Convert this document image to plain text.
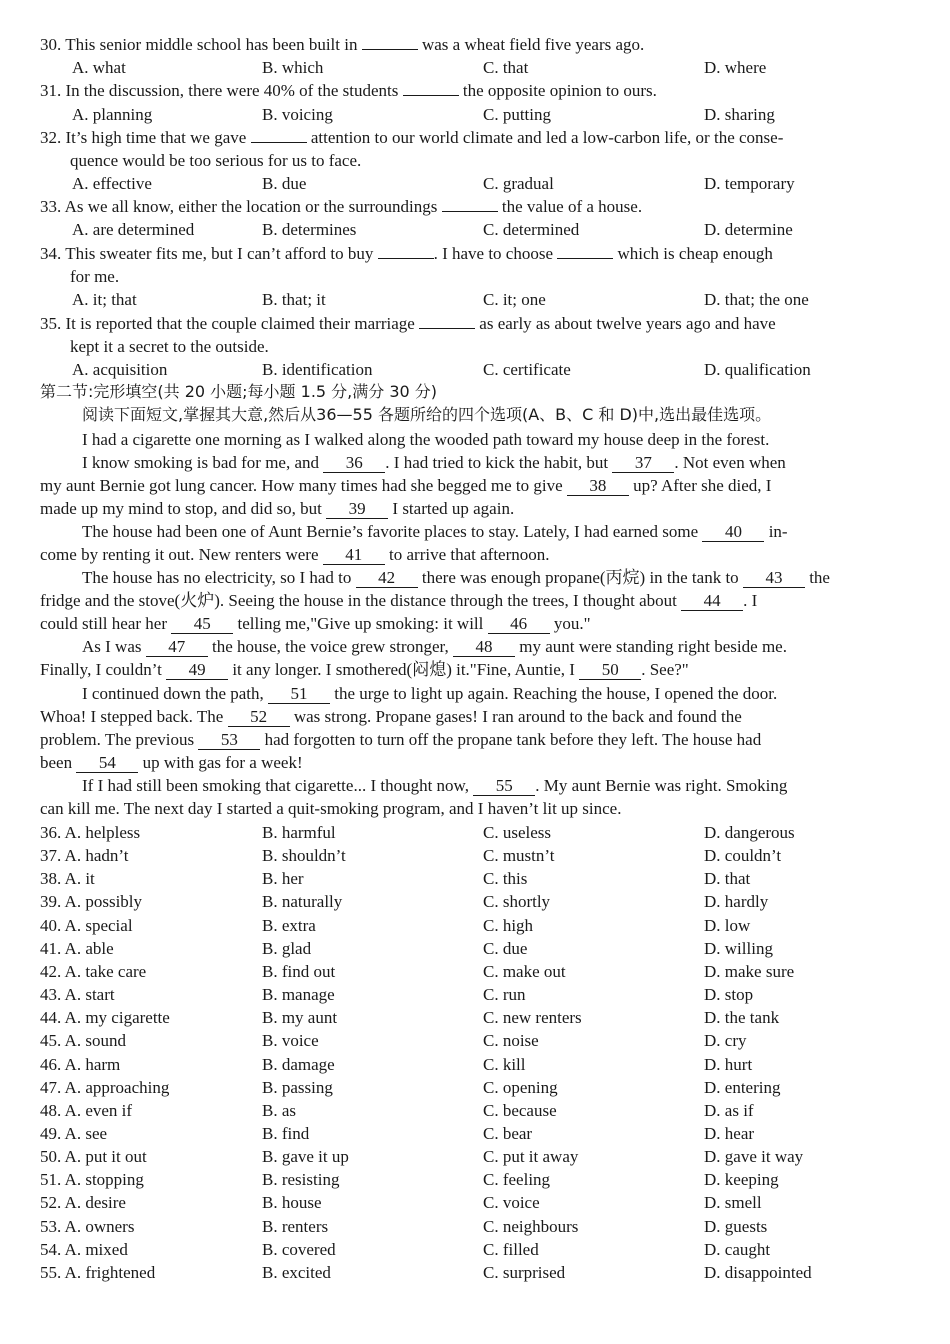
30. This senior middle school has been built in	was a wheat field five years ago.
A. what	B. which	C. that	D. where
31. In the discussion, there were 40% of the students	the opposite opinion to ours.
A. planning	B. voicing	C. putting	D. sharing
32. It’s high time that we gave	attention to our world climate and led a low-carbon life, or the conse-
quence would be too serious for us to face.
A. effective	B. due	C. gradual	D. temporary
33. As we all know, either the location or the surroundings	the value of a house.
A. are determined	B. determines	C. determined	D. determine
34. This sweater fits me, but I can’t afford to buy	. I have to choose	which is cheap enough
for me.
A. it; that	B. that; it	C. it; one	D. that; the one
35. It is reported that the couple claimed their marriage	as early as about twelve years ago and have
kept it a secret to the outside.
A. acquisition	B. identification	C. certificate	D. qualification
第二节:完形填空(共 20 小题;每小题 1.5 分,满分 30 分)
阅读下面短文,掌握其大意,然后从36—55 各题所给的四个选项(A、B、C 和 D)中,选出最佳选项。
I had a cigarette one morning as I walked along the wooded path toward my house deep in the forest.
I know smoking is bad for me, and 36 . I had tried to kick the habit, but 37 . Not even when
my aunt Bernie got lung cancer. How many times had she begged me to give 38 up? After she died, I
made up my mind to stop, and did so, but 39 I started up again.
The house had been one of Aunt Bernie’s favorite places to stay. Lately, I had earned some 40 in-
come by renting it out. New renters were 41 to arrive that afternoon.
The house has no electricity, so I had to 42 there was enough propane(丙烷) in the tank to 43 the
fridge and the stove(火炉). Seeing the house in the distance through the trees, I thought about 44 . I
could still hear her 45 telling me,"Give up smoking: it will 46 you."
As I was 47 the house, the voice grew stronger, 48 my aunt were standing right beside me.
Finally, I couldn’t 49 it any longer. I smothered(闷熄) it."Fine, Auntie, I 50 . See?"
I continued down the path, 51 the urge to light up again. Reaching the house, I opened the door.
Whoa! I stepped back. The 52 was strong. Propane gases! I ran around to the back and found the
problem. The previous 53 had forgotten to turn off the propane tank before they left. The house had
been 54 up with gas for a week!
If I had still been smoking that cigarette... I thought now, 55 . My aunt Bernie was right. Smoking
can kill me. The next day I started a quit-smoking program, and I haven’t lit up since.
36. A. helpless	B. harmful	C. useless	D. dangerous
37. A. hadn’t	B. shouldn’t	C. mustn’t	D. couldn’t
38. A. it	B. her	C. this	D. that
39. A. possibly	B. naturally	C. shortly	D. hardly
40. A. special	B. extra	C. high	D. low
41. A. able	B. glad	C. due	D. willing
42. A. take care	B. find out	C. make out	D. make sure
43. A. start	B. manage	C. run	D. stop
44. A. my cigarette	B. my aunt	C. new renters	D. the tank
45. A. sound	B. voice	C. noise	D. cry
46. A. harm	B. damage	C. kill	D. hurt
47. A. approaching	B. passing	C. opening	D. entering
48. A. even if	B. as	C. because	D. as if
49. A. see	B. find	C. bear	D. hear
50. A. put it out	B. gave it up	C. put it away	D. gave it way
51. A. stopping	B. resisting	C. feeling	D. keeping
52. A. desire	B. house	C. voice	D. smell
53. A. owners	B. renters	C. neighbours	D. guests
54. A. mixed	B. covered	C. filled	D. caught
55. A. frightened	B. excited	C. surprised	D. disappointed
